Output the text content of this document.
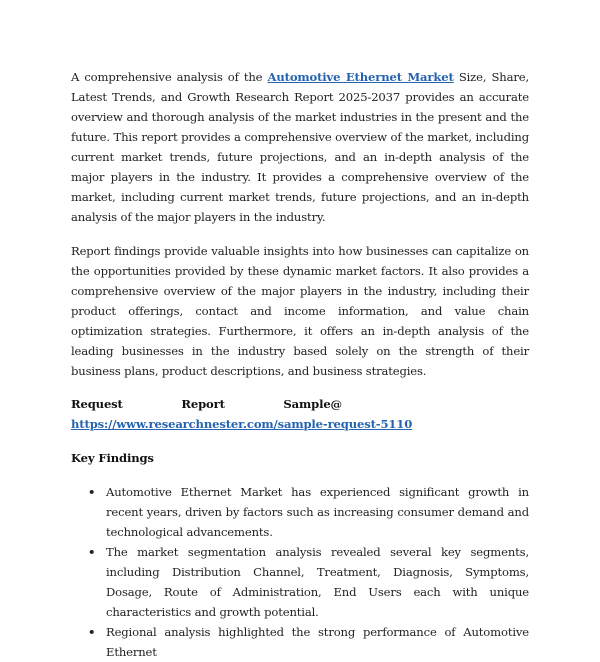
A comprehensive analysis of the Automotive Ethernet Market Size, Share, Latest Trends, and Growth Research Report 2025-2037 provides an accurate overview and thorough analysis of the market industries in the present and the future. This report provides a comprehensive overview of the market, including current market trends, future projections, and an in-depth analysis of the major players in the industry. It provides a comprehensive overview of the market, including current market trends, future projections, and an in-depth analysis of the major players in the industry.

Report findings provide valuable insights into how businesses can capitalize on the opportunities provided by these dynamic market factors. It also provides a comprehensive overview of the major players in the industry, including their product offerings, contact and income information, and value chain optimization strategies. Furthermore, it offers an in-depth analysis of the leading businesses in the industry based solely on the strength of their business plans, product descriptions, and business strategies.

Request Report Sample@       https://www.researchnester.com/sample-request-5110

Key Findings

• Automotive Ethernet Market has experienced significant growth in recent years, driven by factors such as increasing consumer demand and technological advancements.
• The market segmentation analysis revealed several key segments, including Distribution Channel, Treatment, Diagnosis, Symptoms, Dosage, Route of Administration, End Users each with unique characteristics and growth potential.
• Regional analysis highlighted the strong performance of Automotive Ethernet
